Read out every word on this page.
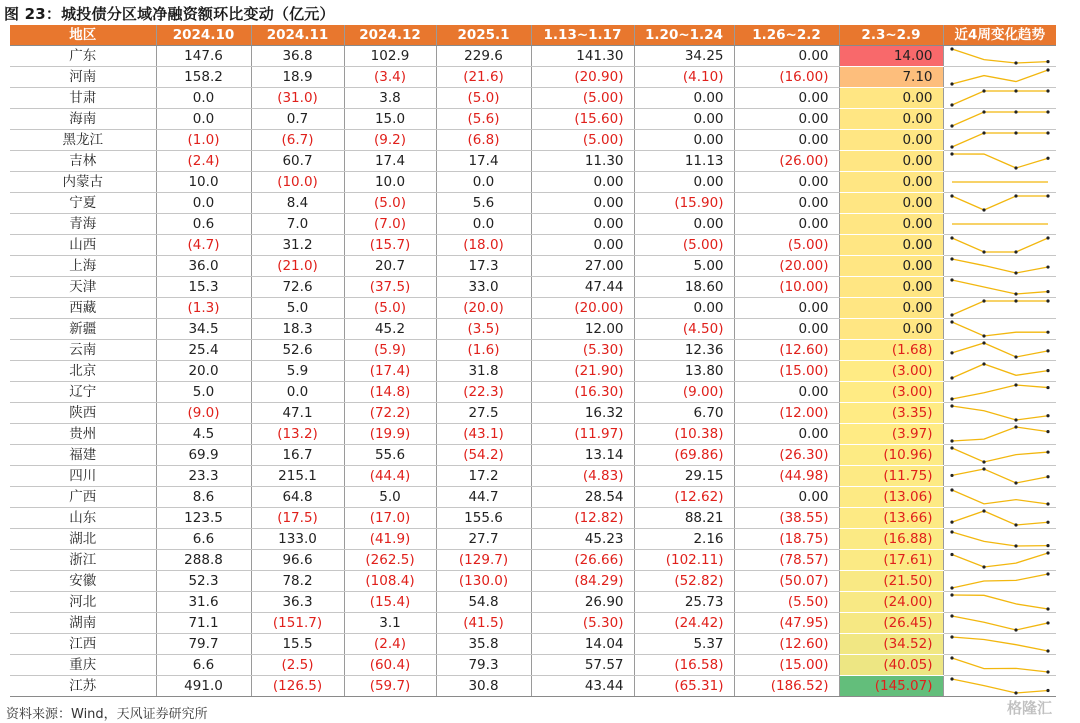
图 23：城投债分区域净融资额环比变动（亿元）
地区	2024.10	2024.11	2024.12	2025.1	1.13~1.17	1.20~1.24	1.26~2.2	2.3~2.9	近4周变化趋势
广东	147.6	36.8	102.9	229.6	141.30	34.25	0.00	14.00	

河南	158.2	18.9	(3.4)	(21.6)	(20.90)	(4.10)	(16.00)	7.10	

甘肃	0.0	(31.0)	3.8	(5.0)	(5.00)	0.00	0.00	0.00	

海南	0.0	0.7	15.0	(5.6)	(15.60)	0.00	0.00	0.00	

黑龙江	(1.0)	(6.7)	(9.2)	(6.8)	(5.00)	0.00	0.00	0.00	

吉林	(2.4)	60.7	17.4	17.4	11.30	11.13	(26.00)	0.00	

内蒙古	10.0	(10.0)	10.0	0.0	0.00	0.00	0.00	0.00	

宁夏	0.0	8.4	(5.0)	5.6	0.00	(15.90)	0.00	0.00	

青海	0.6	7.0	(7.0)	0.0	0.00	0.00	0.00	0.00	

山西	(4.7)	31.2	(15.7)	(18.0)	0.00	(5.00)	(5.00)	0.00	

上海	36.0	(21.0)	20.7	17.3	27.00	5.00	(20.00)	0.00	

天津	15.3	72.6	(37.5)	33.0	47.44	18.60	(10.00)	0.00	

西藏	(1.3)	5.0	(5.0)	(20.0)	(20.00)	0.00	0.00	0.00	

新疆	34.5	18.3	45.2	(3.5)	12.00	(4.50)	0.00	0.00	

云南	25.4	52.6	(5.9)	(1.6)	(5.30)	12.36	(12.60)	(1.68)	

北京	20.0	5.9	(17.4)	31.8	(21.90)	13.80	(15.00)	(3.00)	

辽宁	5.0	0.0	(14.8)	(22.3)	(16.30)	(9.00)	0.00	(3.00)	

陕西	(9.0)	47.1	(72.2)	27.5	16.32	6.70	(12.00)	(3.35)	

贵州	4.5	(13.2)	(19.9)	(43.1)	(11.97)	(10.38)	0.00	(3.97)	

福建	69.9	16.7	55.6	(54.2)	13.14	(69.86)	(26.30)	(10.96)	

四川	23.3	215.1	(44.4)	17.2	(4.83)	29.15	(44.98)	(11.75)	

广西	8.6	64.8	5.0	44.7	28.54	(12.62)	0.00	(13.06)	

山东	123.5	(17.5)	(17.0)	155.6	(12.82)	88.21	(38.55)	(13.66)	

湖北	6.6	133.0	(41.9)	27.7	45.23	2.16	(18.75)	(16.88)	

浙江	288.8	96.6	(262.5)	(129.7)	(26.66)	(102.11)	(78.57)	(17.61)	

安徽	52.3	78.2	(108.4)	(130.0)	(84.29)	(52.82)	(50.07)	(21.50)	

河北	31.6	36.3	(15.4)	54.8	26.90	25.73	(5.50)	(24.00)	

湖南	71.1	(151.7)	3.1	(41.5)	(5.30)	(24.42)	(47.95)	(26.45)	

江西	79.7	15.5	(2.4)	35.8	14.04	5.37	(12.60)	(34.52)	

重庆	6.6	(2.5)	(60.4)	79.3	57.57	(16.58)	(15.00)	(40.05)	

江苏	491.0	(126.5)	(59.7)	30.8	43.44	(65.31)	(186.52)	(145.07)	
资料来源：Wind，天风证券研究所	格隆汇
